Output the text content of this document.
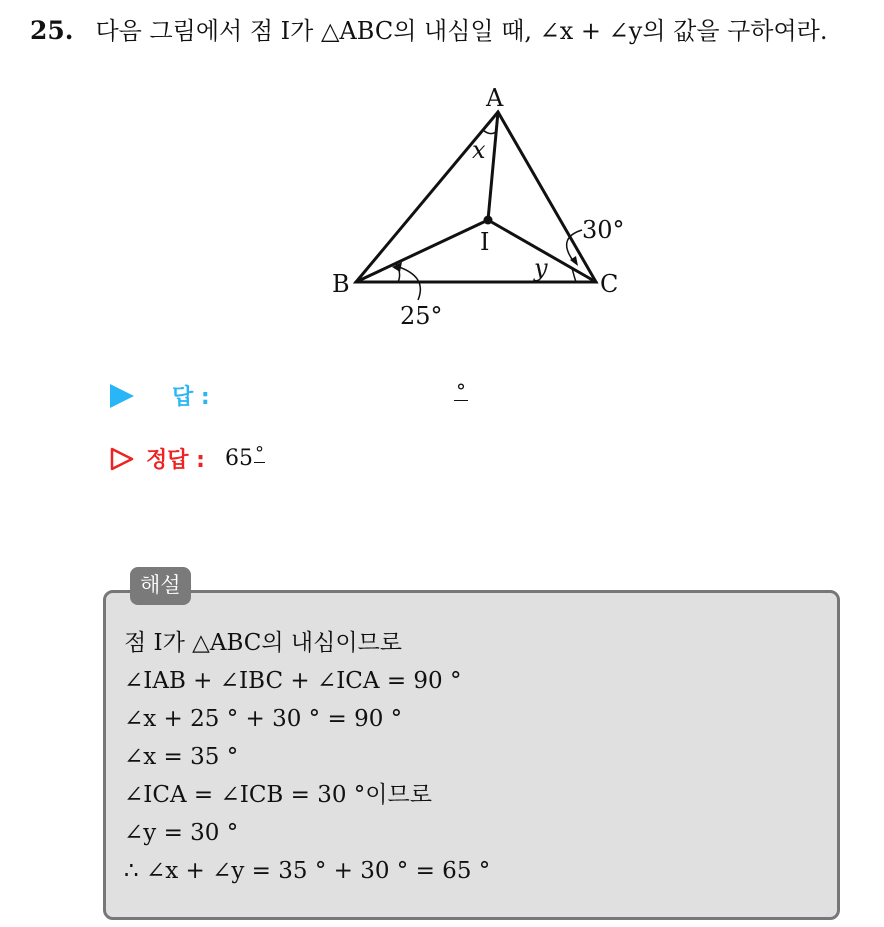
25. 다음 그림에서 점 I가 △ABC의 내심일 때, ∠x + ∠y의 값을 구하여라.
A
B	C
I
x
y
30°
25°
답 :	°
정답 : 65 °
해설
점 I가 △ABC의 내심이므로
∠IAB + ∠IBC + ∠ICA = 90 °
∠x + 25 ° + 30 ° = 90 °
∠x = 35 °
∠ICA = ∠ICB = 30 °이므로
∠y = 30 °
∴ ∠x + ∠y = 35 ° + 30 ° = 65 °
